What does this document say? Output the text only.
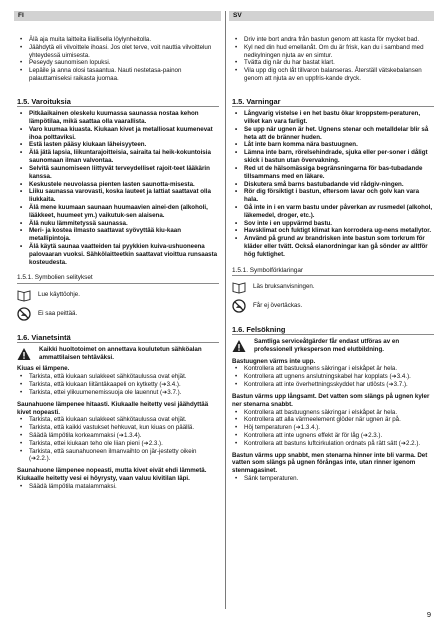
FI	SV
• Älä aja muita laitteita liiallisella löylynheitolla.
• Jäähdytä eli vilvoittele ihoasi. Jos olet terve, voit nauttia vilvoittelun yhteydessä uimisesta.
• Peseydy saunomisen lopuksi.
• Lepäile ja anna olosi tasaantua. Nauti nestetasa-painon palauttamiseksi raikasta juomaa.

1.5. Varoituksia

• Pitkäaikainen oleskelu kuumassa saunassa nostaa kehon lämpötilaa, mikä saattaa olla vaarallista.
• Varo kuumaa kiuasta. Kiukaan kivet ja metalliosat kuumenevat ihoa polttaviksi.
• Estä lasten pääsy kiukaan läheisyyteen.
• Älä jätä lapsia, liikuntarajoitteisia, sairaita tai heik-kokuntoisia saunomaan ilman valvontaa.
• Selvitä saunomiseen liittyvät terveydelliset rajoit-teet lääkärin kanssa.
• Keskustele neuvolassa pienten lasten saunotta-misesta.
• Liiku saunassa varovasti, koska lauteet ja lattiat saattavat olla liukkaita.
• Älä mene kuumaan saunaan huumaavien ainei-den (alkoholi, lääkkeet, huumeet ym.) vaikutuk-sen alaisena.
• Älä nuku lämmitetyssä saunassa.
• Meri- ja kostea ilmasto saattavat syövyttää kiu-kaan metallipintoja.
• Älä käytä saunaa vaatteiden tai pyykkien kuiva-ushuoneena palovaaran vuoksi. Sähkölaitteetkin saattavat vioittua runsaasta kosteudesta.

1.5.1. Symbolien selitykset

Lue käyttöohje.
Ei saa peittää.

1.6. Vianetsintä

Kaikki huoltotoimet on annettava koulutetun sähköalan ammattilaisen tehtäväksi.
Kiuas ei lämpene.
• Tarkista, että kiukaan sulakkeet sähkötaulussa ovat ehjät.
• Tarkista, että kiukaan liitäntäkaapeli on kytketty (➔3.4.).
• Tarkista, ettei ylikuumenemissuoja ole lauennut (➔3.7.).
Saunahuone lämpenee hitaasti. Kiukaalle heitetty vesi jäähdyttää kivet nopeasti.
• Tarkista, että kiukaan sulakkeet sähkötaulussa ovat ehjät.
• Tarkista, että kaikki vastukset hehkuvat, kun kiuas on päällä.
• Säädä lämpötila korkeammaksi (➔1.3.4).
• Tarkista, ettei kiukaan teho ole liian pieni (➔2.3.).
• Tarkista, että saunahuoneen ilmanvaihto on jär-jestetty oikein (➔2.2.).
Saunahuone lämpenee nopeasti, mutta kivet eivät ehdi lämmetä. Kiukaalle heitetty vesi ei höyrysty, vaan valuu kivitilan läpi.
• Säädä lämpötila matalammaksi.
• Driv inte bort andra från bastun genom att kasta för mycket bad.
• Kyl ned din hud emellanåt. Om du är frisk, kan du i samband med nedkylningen njuta av en simtur.
• Tvätta dig när du har bastat klart.
• Vila upp dig och låt tillvaron balanseras. Återställ vätskebalansen genom att njuta av en uppfris-kande dryck.

1.5. Varningar

• Långvarig vistelse i en het bastu ökar kroppstem-peraturen, vilket kan vara farligt.
• Se upp när ugnen är het. Ugnens stenar och metalldelar blir så heta att de bränner huden.
• Låt inte barn komma nära bastuugnen.
• Lämna inte barn, rörelsehindrade, sjuka eller per-soner i dåligt skick i bastun utan övervakning.
• Red ut de hälsomässiga begränsningarna för bas-tubadande tillsammans med en läkare.
• Diskutera små barns bastubadande vid rådgiv-ningen.
• Rör dig försiktigt i bastun, eftersom lavar och golv kan vara hala.
• Gå inte in i en varm bastu under påverkan av rusmedel (alkohol, läkemedel, droger, etc.).
• Sov inte i en uppvärmd bastu.
• Havsklimat och fuktigt klimat kan korrodera ug-nens metallytor.
• Använd på grund av brandrisken inte bastun som torkrum för kläder eller tvätt. Också elanordningar kan gå sönder av alltför hög fuktighet.

1.5.1. Symbolförklaringar

Läs bruksanvisningen.
Får ej övertäckas.

1.6. Felsökning

Samtliga serviceåtgärder får endast utföras av en professionell yrkesperson med elutbildning.
Bastuugnen värms inte upp.
• Kontrollera att bastuugnens säkringar i elskåpet är hela.
• Kontrollera att ugnens anslutningskabel har kopplats (➔3.4.).
• Kontrollera att inte överhettningsskyddet har utlösts (➔3.7.).
Bastun värms upp långsamt. Det vatten som slängs på ugnen kyler ner stenarna snabbt.
• Kontrollera att bastuugnens säkringar i elskåpet är hela.
• Kontrollera att alla värmeelement glöder när ugnen är på.
• Höj temperaturen (➔1.3.4.).
• Kontrollera att inte ugnens effekt är för låg (➔2.3.).
• Kontrollera att bastuns luftcirkulation ordnats på rätt sätt (➔2.2.).
Bastun värms upp snabbt, men stenarna hinner inte bli varma. Det vatten som slängs på ugnen förångas inte, utan rinner igenom stenmagasinet.
• Sänk temperaturen.
9
